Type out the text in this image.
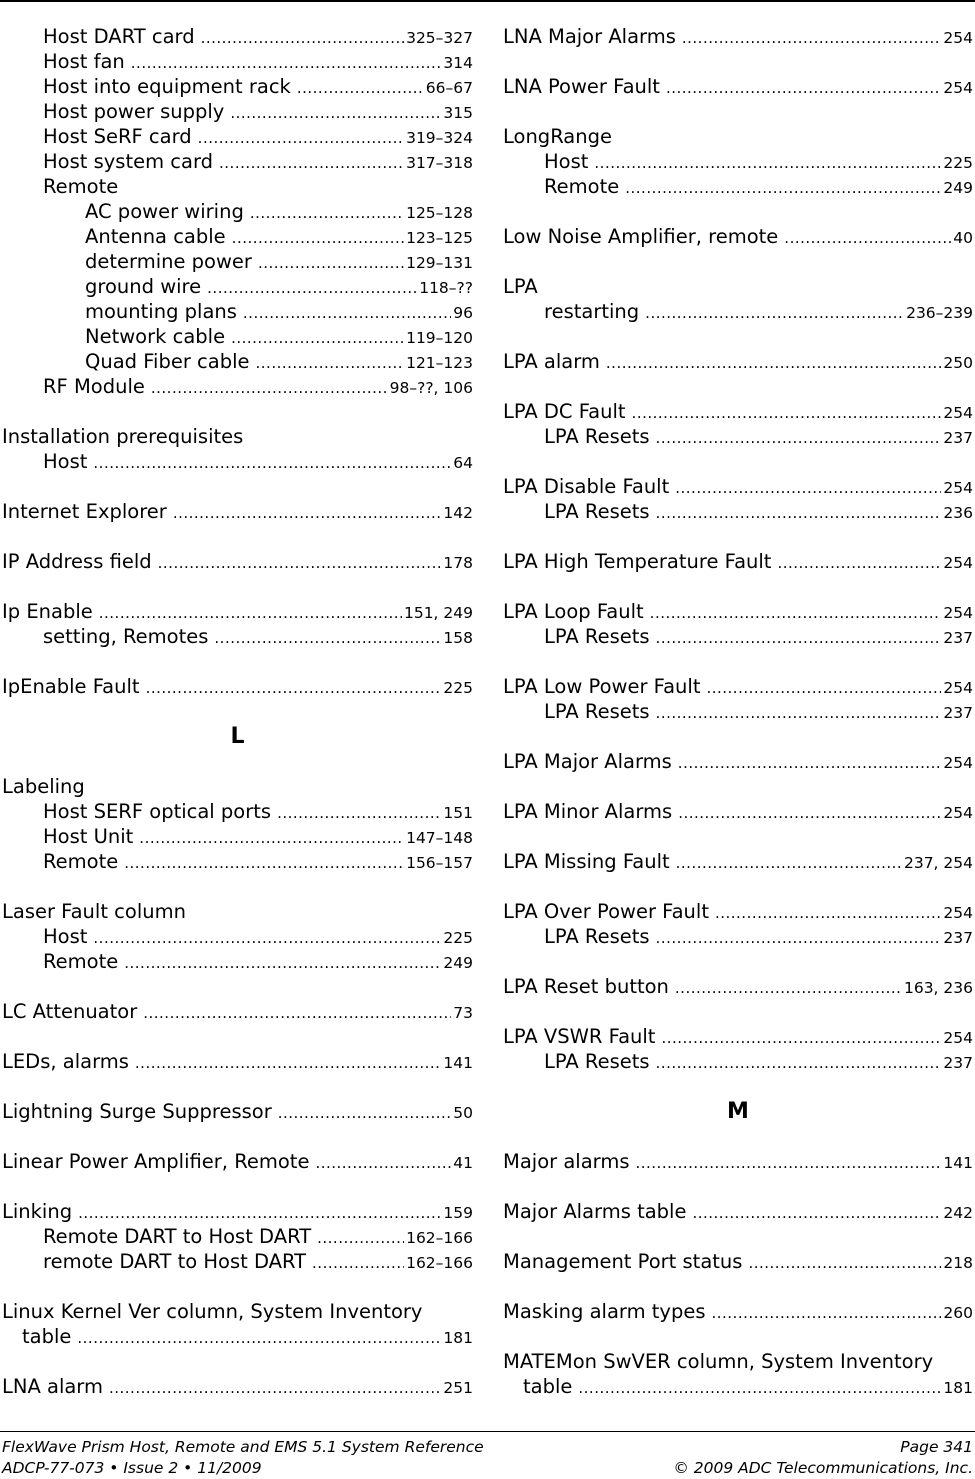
Host DART card .....	325–327
Host fan .....	314
Host into equipment rack .....	66–67
Host power supply .....	315
Host SeRF card .....	319–324
Host system card .....	317–318
Remote
AC power wiring .....	125–128
Antenna cable .....	123–125
determine power .....	129–131
ground wire .....	118–??
mounting plans .....	96
Network cable .....	119–120
Quad Fiber cable .....	121–123
RF Module .....	98–??, 106
Installation prerequisites
Host .....	64
Internet Explorer .....	142
IP Address field .....	178
Ip Enable .....	151, 249
setting, Remotes .....	158
IpEnable Fault .....	225
L
Labeling
Host SERF optical ports .....	151
Host Unit .....	147–148
Remote .....	156–157
Laser Fault column
Host .....	225
Remote .....	249
LC Attenuator .....	73
LEDs, alarms .....	141
Lightning Surge Suppressor .....	50
Linear Power Amplifier, Remote .....	41
Linking .....	159
Remote DART to Host DART .....	162–166
remote DART to Host DART .....	162–166
Linux Kernel Ver column, System Inventory
table .....	181
LNA alarm .....	251
LNA Major Alarms .....	254
LNA Power Fault .....	254
LongRange
Host .....	225
Remote .....	249
Low Noise Amplifier, remote .....	40
LPA
restarting .....	236–239
LPA alarm .....	250
LPA DC Fault .....	254
LPA Resets .....	237
LPA Disable Fault .....	254
LPA Resets .....	236
LPA High Temperature Fault .....	254
LPA Loop Fault .....	254
LPA Resets .....	237
LPA Low Power Fault .....	254
LPA Resets .....	237
LPA Major Alarms .....	254
LPA Minor Alarms .....	254
LPA Missing Fault .....	237, 254
LPA Over Power Fault .....	254
LPA Resets .....	237
LPA Reset button .....	163, 236
LPA VSWR Fault .....	254
LPA Resets .....	237
M
Major alarms .....	141
Major Alarms table .....	242
Management Port status .....	218
Masking alarm types .....	260
MATEMon SwVER column, System Inventory
table .....	181
FlexWave Prism Host, Remote and EMS 5.1 System Reference	Page 341
ADCP-77-073 • Issue 2 • 11/2009	© 2009 ADC Telecommunications, Inc.
